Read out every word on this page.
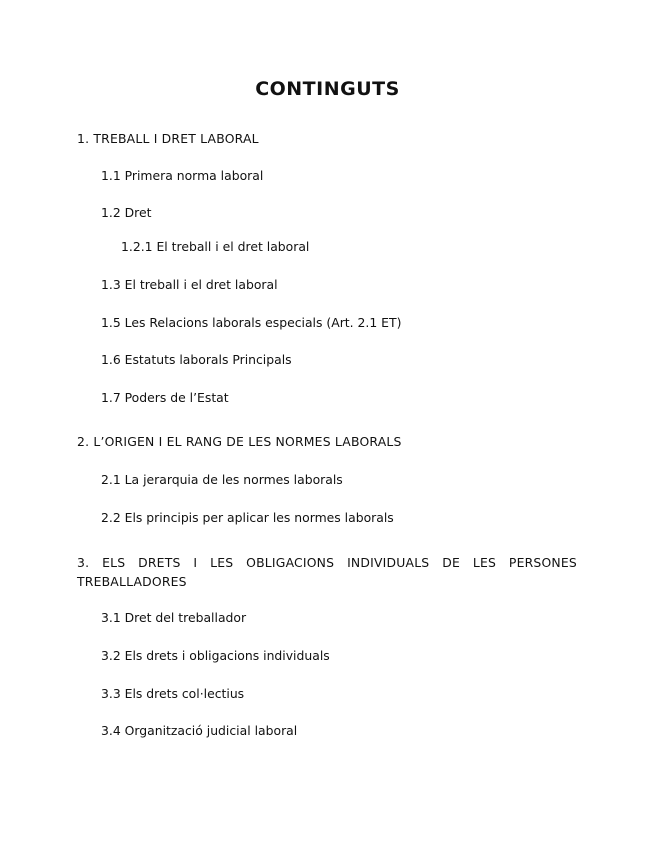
CONTINGUTS
1. TREBALL I DRET LABORAL
1.1 Primera norma laboral
1.2 Dret
1.2.1 El treball i el dret laboral
1.3 El treball i el dret laboral
1.5 Les Relacions laborals especials (Art. 2.1 ET)
1.6 Estatuts laborals Principals
1.7 Poders de l’Estat
2. L’ORIGEN I EL RANG DE LES NORMES LABORALS
2.1 La jerarquia de les normes laborals
2.2 Els principis per aplicar les normes laborals
3. ELS DRETS I LES OBLIGACIONS INDIVIDUALS DE LES PERSONES
TREBALLADORES
3.1 Dret del treballador
3.2 Els drets i obligacions individuals
3.3 Els drets col·lectius
3.4 Organització judicial laboral
